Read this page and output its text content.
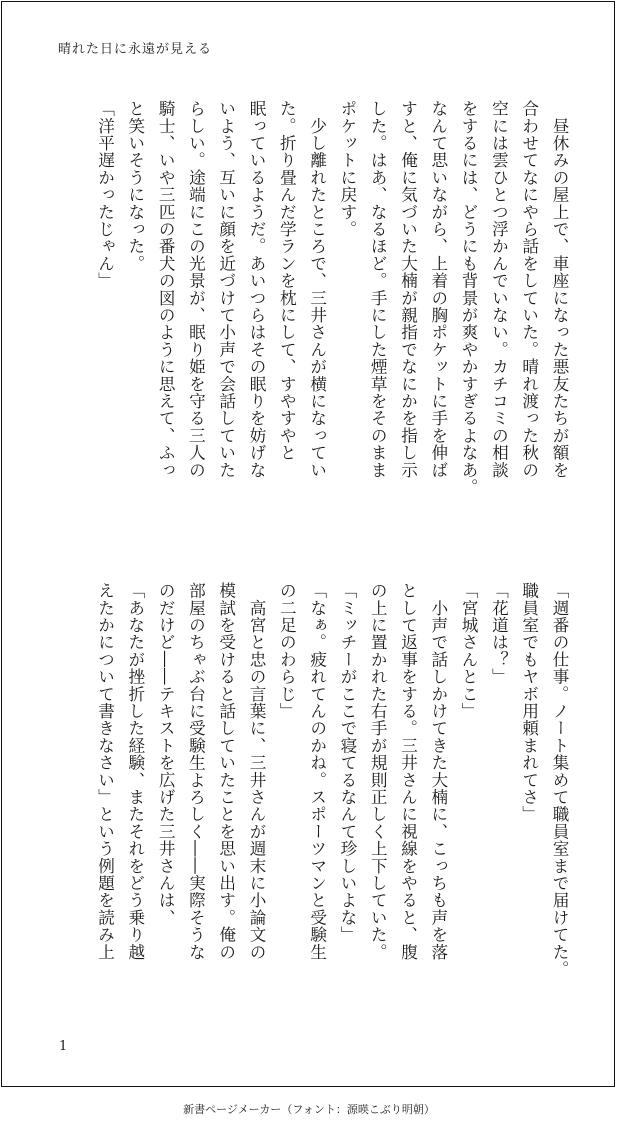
晴れた日に永遠が見える

　昼休みの屋上で、車座になった悪友たちが額を

合わせてなにやら話をしていた。晴れ渡った秋の

空には雲ひとつ浮かんでいない。カチコミの相談

をするには、どうにも背景が爽やかすぎるよなあ。

なんて思いながら、上着の胸ポケットに手を伸ば

すと、俺に気づいた大楠が親指でなにかを指し示

した。はあ、なるほど。手にした煙草をそのまま

ポケットに戻す。

　少し離れたところで、三井さんが横になってい

た。折り畳んだ学ランを枕にして、すやすやと

眠っているようだ。あいつらはその眠りを妨げな

いよう、互いに顔を近づけて小声で会話していた

らしい。途端にこの光景が、眠り姫を守る三人の

騎士、いや三匹の番犬の図のように思えて、ふっ

と笑いそうになった。

「洋平遅かったじゃん」

「週番の仕事。ノート集めて職員室まで届けてた。

職員室でもヤボ用頼まれてさ」

「花道は？」

「宮城さんとこ」

　小声で話しかけてきた大楠に、こっちも声を落

として返事をする。三井さんに視線をやると、腹

の上に置かれた右手が規則正しく上下していた。

「ミッチーがここで寝てるなんて珍しいよな」

「なぁ。疲れてんのかね。スポーツマンと受験生

の二足のわらじ」

　高宮と忠の言葉に、三井さんが週末に小論文の

模試を受けると話していたことを思い出す。俺の

部屋のちゃぶ台に受験生よろしく――実際そうな

のだけど――テキストを広げた三井さんは、

「あなたが挫折した経験、またそれをどう乗り越

えたかについて書きなさい」という例題を読み上

1
新書ページメーカー（フォント：源暎こぶり明朝）
